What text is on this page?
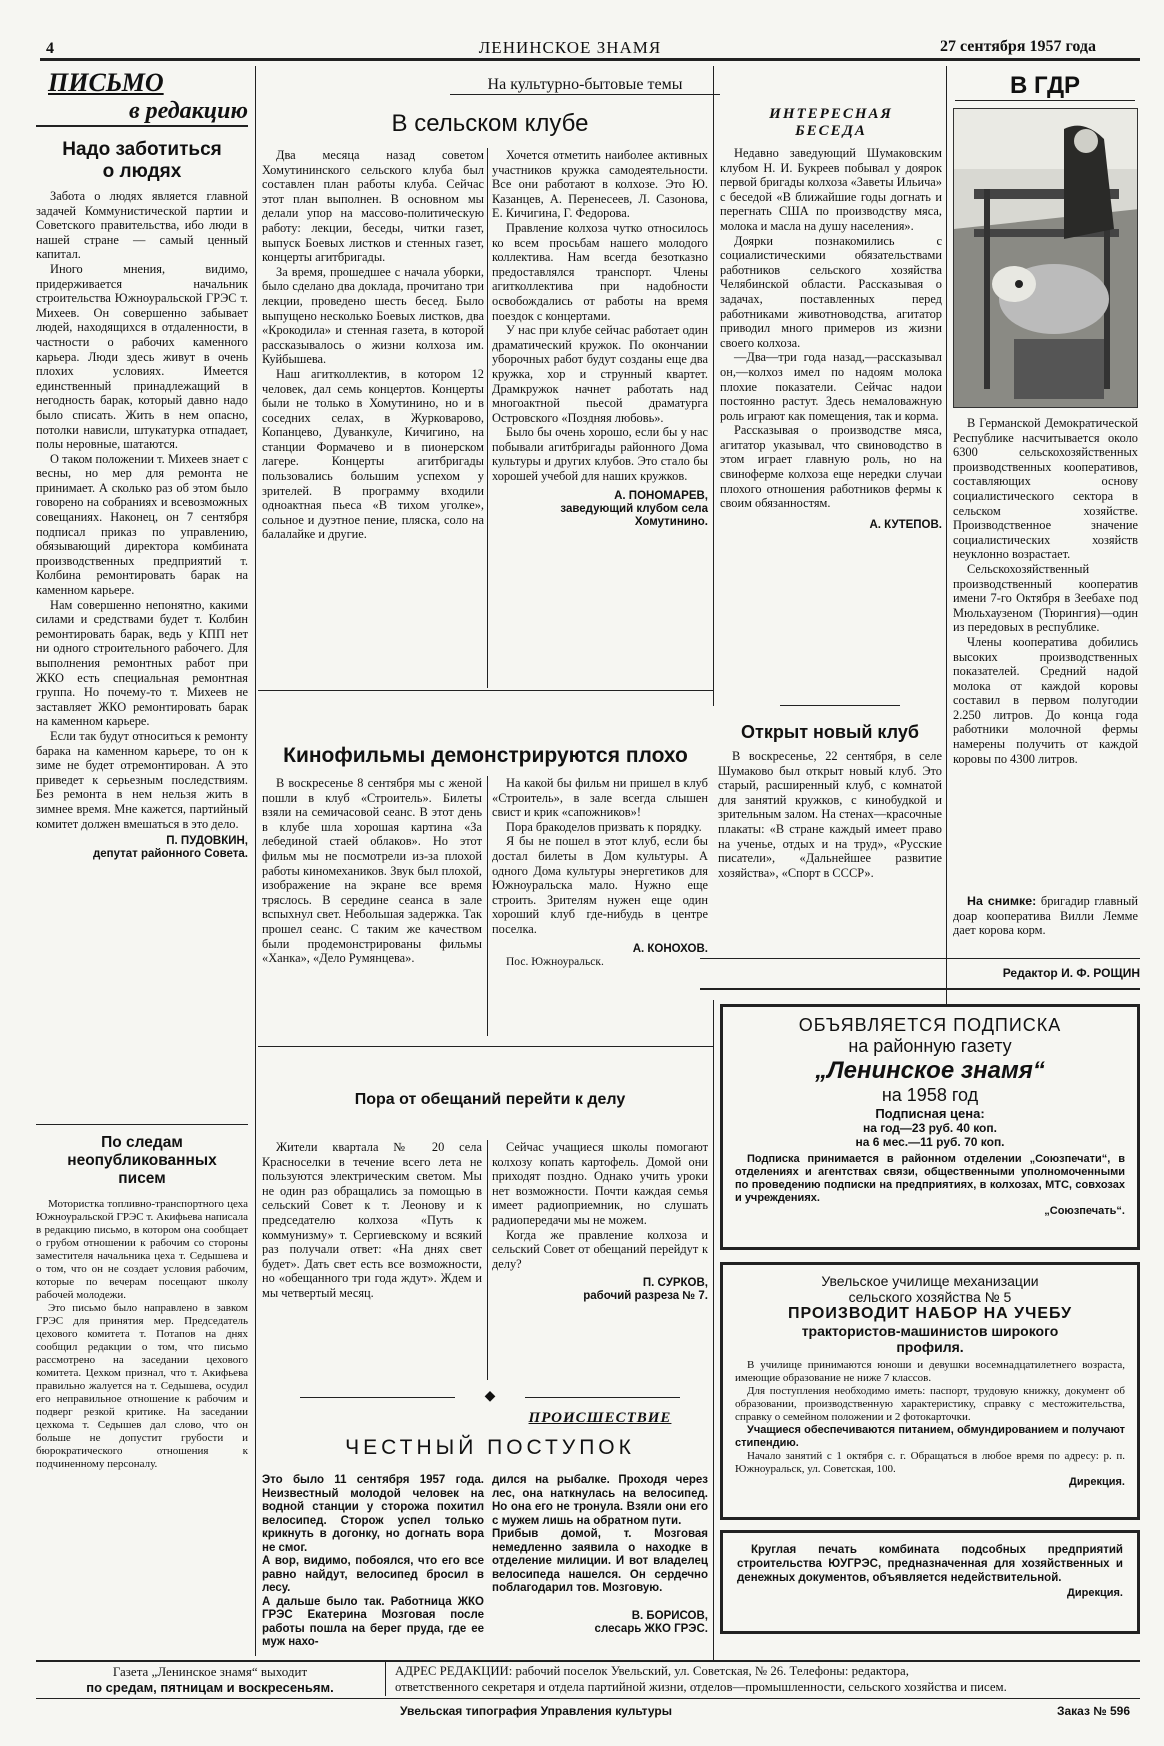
4	ЛЕНИНСКОЕ ЗНАМЯ	27 сентября 1957 года
ПИСЬМО
в редакцию
Надо заботиться о людях
Забота о людях является главной задачей Коммунистической партии и Советского правительства, ибо люди в нашей стране — самый ценный капитал.
Иного мнения, видимо, придерживается начальник строительства Южноуральской ГРЭС т. Михеев. Он совершенно забывает людей, находящихся в отдаленности, в частности о рабочих каменного карьера. Люди здесь живут в очень плохих условиях. Имеется единственный принадлежащий в негодность барак, который давно надо было списать. Жить в нем опасно, потолки нависли, штукатурка отпадает, полы неровные, шатаются.
О таком положении т. Михеев знает с весны, но мер для ремонта не принимает. А сколько раз об этом было говорено на собраниях и всевозможных совещаниях. Наконец, он 7 сентября подписал приказ по управлению, обязывающий директора комбината производственных предприятий т. Колбина ремонтировать барак на каменном карьере.
Нам совершенно непонятно, какими силами и средствами будет т. Колбин ремонтировать барак, ведь у КПП нет ни одного строительного рабочего. Для выполнения ремонтных работ при ЖКО есть специальная ремонтная группа. Но почему-то т. Михеев не заставляет ЖКО ремонтировать барак на каменном карьере.
Если так будут относиться к ремонту барака на каменном карьере, то он к зиме не будет отремонтирован. А это приведет к серьезным последствиям. Без ремонта в нем нельзя жить в зимнее время. Мне кажется, партийный комитет должен вмешаться в это дело.
П. ПУДОВКИН,
депутат районного Совета.
По следам неопубликованных писем
Мотористка топливно-транспортного цеха Южноуральской ГРЭС т. Акифьева написала в редакцию письмо, в котором она сообщает о грубом отношении к рабочим со стороны заместителя начальника цеха т. Седышева и о том, что он не создает условия рабочим, которые по вечерам посещают школу рабочей молодежи.
Это письмо было направлено в завком ГРЭС для принятия мер. Председатель цехового комитета т. Потапов на днях сообщил редакции о том, что письмо рассмотрено на заседании цехового комитета. Цехком признал, что т. Акифьева правильно жалуется на т. Седышева, осудил его неправильное отношение к рабочим и подверг резкой критике. На заседании цехкома т. Седышев дал слово, что он больше не допустит грубости и бюрократического отношения к подчиненному персоналу.
На культурно-бытовые темы
В сельском клубе
Два месяца назад советом Хомутининского сельского клуба был составлен план работы клуба. Сейчас этот план выполнен. В основном мы делали упор на массово-политическую работу: лекции, беседы, читки газет, выпуск Боевых листков и стенных газет, концерты агитбригады.
За время, прошедшее с начала уборки, было сделано два доклада, прочитано три лекции, проведено шесть бесед. Было выпущено несколько Боевых листков, два «Крокодила» и стенная газета, в которой рассказывалось о жизни колхоза им. Куйбышева.
Наш агитколлектив, в котором 12 человек, дал семь концертов. Концерты были не только в Хомутинино, но и в соседних селах, в Журковарово, Копанцево, Дуванкуле, Кичигино, на станции Формачево и в пионерском лагере. Концерты агитбригады пользовались большим успехом у зрителей. В программу входили одноактная пьеса «В тихом уголке», сольное и дуэтное пение, пляска, соло на балалайке и другие.
Хочется отметить наиболее активных участников кружка самодеятельности. Все они работают в колхозе. Это Ю. Казанцев, А. Перенесеев, Л. Сазонова, Е. Кичигина, Г. Федорова.
Правление колхоза чутко относилось ко всем просьбам нашего молодого коллектива. Нам всегда безотказно предоставлялся транспорт. Члены агитколлектива при надобности освобождались от работы на время поездок с концертами.
У нас при клубе сейчас работает один драматический кружок. По окончании уборочных работ будут созданы еще два кружка, хор и струнный квартет. Драмкружок начнет работать над многоактной пьесой драматурга Островского «Поздняя любовь».
Было бы очень хорошо, если бы у нас побывали агитбригады районного Дома культуры и других клубов. Это стало бы хорошей учебой для наших кружков.
А. ПОНОМАРЕВ,
заведующий клубом села Хомутинино.
ИНТЕРЕСНАЯ
БЕСЕДА
Недавно заведующий Шумаковским клубом Н. И. Букреев побывал у доярок первой бригады колхоза «Заветы Ильича» с беседой «В ближайшие годы догнать и перегнать США по производству мяса, молока и масла на душу населения».
Доярки познакомились с социалистическими обязательствами работников сельского хозяйства Челябинской области. Рассказывая о задачах, поставленных перед работниками животноводства, агитатор приводил много примеров из жизни своего колхоза.
—Два—три года назад,—рассказывал он,—колхоз имел по надоям молока плохие показатели. Сейчас надои постоянно растут. Здесь немаловажную роль играют как помещения, так и корма.
Рассказывая о производстве мяса, агитатор указывал, что свиноводство в этом играет главную роль, но на свиноферме колхоза еще нередки случаи плохого отношения работников фермы к своим обязанностям.
А. КУТЕПОВ.
В ГДР
В Германской Демократической Республике насчитывается около 6300 сельскохозяйственных производственных кооперативов, составляющих основу социалистического сектора в сельском хозяйстве. Производственное значение социалистических хозяйств неуклонно возрастает.
Сельскохозяйственный производственный кооператив имени 7-го Октября в Зеебахе под Мюльхаузеном (Тюрингия)—один из передовых в республике.
Члены кооператива добились высоких производственных показателей. Средний надой молока от каждой коровы составил в первом полугодии 2.250 литров. До конца года работники молочной фермы намерены получить от каждой коровы по 4300 литров.
На снимке: бригадир главный доар кооператива Вилли Лемме дает корова корм.
Кинофильмы демонстрируются плохо
В воскресенье 8 сентября мы с женой пошли в клуб «Строитель». Билеты взяли на семичасовой сеанс. В этот день в клубе шла хорошая картина «За лебединой стаей облаков». Но этот фильм мы не посмотрели из-за плохой работы киномехаников. Звук был плохой, изображение на экране все время тряслось. В середине сеанса в зале вспыхнул свет. Небольшая задержка. Так прошел сеанс. С таким же качеством были продемонстрированы фильмы «Ханка», «Дело Румянцева».
На какой бы фильм ни пришел в клуб «Строитель», в зале всегда слышен свист и крик «сапожников»!
Пора бракоделов призвать к порядку.
Я бы не пошел в этот клуб, если бы достал билеты в Дом культуры. А одного Дома культуры энергетиков для Южноуральска мало. Нужно еще строить. Зрителям нужен еще один хороший клуб где-нибудь в центре поселка.
А. КОНОХОВ.
Пос. Южноуральск.
Открыт новый клуб
В воскресенье, 22 сентября, в селе Шумаково был открыт новый клуб. Это старый, расширенный клуб, с комнатой для занятий кружков, с кинобудкой и зрительным залом. На стенах—красочные плакаты: «В стране каждый имеет право на ученье, отдых и на труд», «Русские писатели», «Дальнейшее развитие хозяйства», «Спорт в СССР».
Редактор И. Ф. РОЩИН
Пора от обещаний перейти к делу
Жители квартала № 20 села Красноселки в течение всего лета не пользуются электрическим светом. Мы не один раз обращались за помощью в сельский Совет к т. Леонову и к председателю колхоза «Путь к коммунизму» т. Сергиевскому и всякий раз получали ответ: «На днях свет будет». Дать свет есть все возможности, но «обещанного три года ждут». Ждем и мы четвертый месяц.
Сейчас учащиеся школы помогают колхозу копать картофель. Домой они приходят поздно. Однако учить уроки нет возможности. Почти каждая семья имеет радиоприемник, но слушать радиопередачи мы не можем.
Когда же правление колхоза и сельский Совет от обещаний перейдут к делу?
П. СУРКОВ,
рабочий разреза № 7.
◆
ПРОИСШЕСТВИЕ
ЧЕСТНЫЙ ПОСТУПОК
Это было 11 сентября 1957 года. Неизвестный молодой человек на водной станции у сторожа похитил велосипед. Сторож успел только крикнуть в догонку, но догнать вора не смог.
А вор, видимо, побоялся, что его все равно найдут, велосипед бросил в лесу.
А дальше было так. Работница ЖКО ГРЭС Екатерина Мозговая после работы пошла на берег пруда, где ее муж нахо-
дился на рыбалке. Проходя через лес, она наткнулась на велосипед. Но она его не тронула. Взяли они его с мужем лишь на обратном пути.
Прибыв домой, т. Мозговая немедленно заявила о находке в отделение милиции. И вот владелец велосипеда нашелся. Он сердечно поблагодарил тов. Мозговую.
В. БОРИСОВ,
слесарь ЖКО ГРЭС.
ОБЪЯВЛЯЕТСЯ ПОДПИСКА
на районную газету
„Ленинское знамя“
на 1958 год
Подписная цена:
на год—23 руб. 40 коп.
на 6 мес.—11 руб. 70 коп.
Подписка принимается в районном отделении „Союзпечати“, в отделениях и агентствах связи, общественными уполномоченными по проведению подписки на предприятиях, в колхозах, МТС, совхозах и учреждениях.
„Союзпечать“.
Увельское училище механизации
сельского хозяйства № 5
ПРОИЗВОДИТ НАБОР НА УЧЕБУ
трактористов-машинистов широкого профиля.
В училище принимаются юноши и девушки восемнадцатилетнего возраста, имеющие образование не ниже 7 классов.
Для поступления необходимо иметь: паспорт, трудовую книжку, документ об образовании, производственную характеристику, справку с местожительства, справку о семейном положении и 2 фотокарточки.
Учащиеся обеспечиваются питанием, обмундированием и получают стипендию.
Начало занятий с 1 октября с. г. Обращаться в любое время по адресу: р. п. Южноуральск, ул. Советская, 100.
Дирекция.
Круглая печать комбината подсобных предприятий строительства ЮУГРЭС, предназначенная для хозяйственных и денежных документов, объявляется недействительной.
Дирекция.
Газета „Ленинское знамя“ выходит
по средам, пятницам и воскресеньям.
АДРЕС РЕДАКЦИИ: рабочий поселок Увельский, ул. Советская, № 26. Телефоны: редактора,
ответственного секретаря и отдела партийной жизни, отделов—промышленности, сельского хозяйства и писем.
Увельская типография Управления культуры	Заказ № 596
